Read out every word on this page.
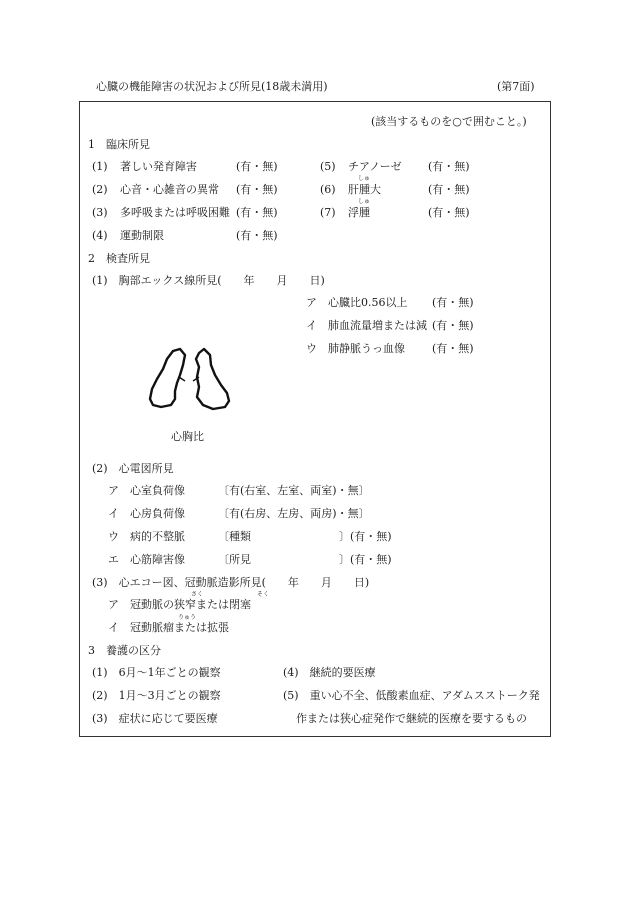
心臓の機能障害の状況および所見(18歳未満用)	(第7面)
(該当するものを○で囲むこと。)
1　臨床所見
(1) 著しい発育障害	(有・無)
(2) 心音・心雑音の異常 (有・無)
(3) 多呼吸または呼吸困難 (有・無)
(4) 運動制限	(有・無)
(5) チアノーゼ (有・無)
しゅ
(6) 肝腫大	(有・無)
しゅ
(7) 浮腫	(有・無)
2　検査所見
(1)　胸部エックス線所見(　　年　　月　　日)
ア　心臓比0.56以上 (有・無)
イ　肺血流量増または減 (有・無)
ウ　肺静脈うっ血像 (有・無)
心胸比
(2)　心電図所見
ア　心室負荷像	〔有(右室、左室、両室)・無〕
イ　心房負荷像	〔有(右房、左房、両房)・無〕
ウ　病的不整脈	〔種類　　　　　　　　〕(有・無)
エ　心筋障害像	〔所見　　　　　　　　〕(有・無)
(3)　心エコー図、冠動脈造影所見(　　年　　月　　日)
さく	そく
ア　冠動脈の狭窄または閉塞
りゅう
イ　冠動脈瘤または拡張
3　養護の区分
(1)　6月～1年ごとの観察
(2)　1月～3月ごとの観察
(3)　症状に応じて要医療
(4)　継続的要医療
(5)　重い心不全、低酸素血症、アダムスストーク発
作または狭心症発作で継続的医療を要するもの
